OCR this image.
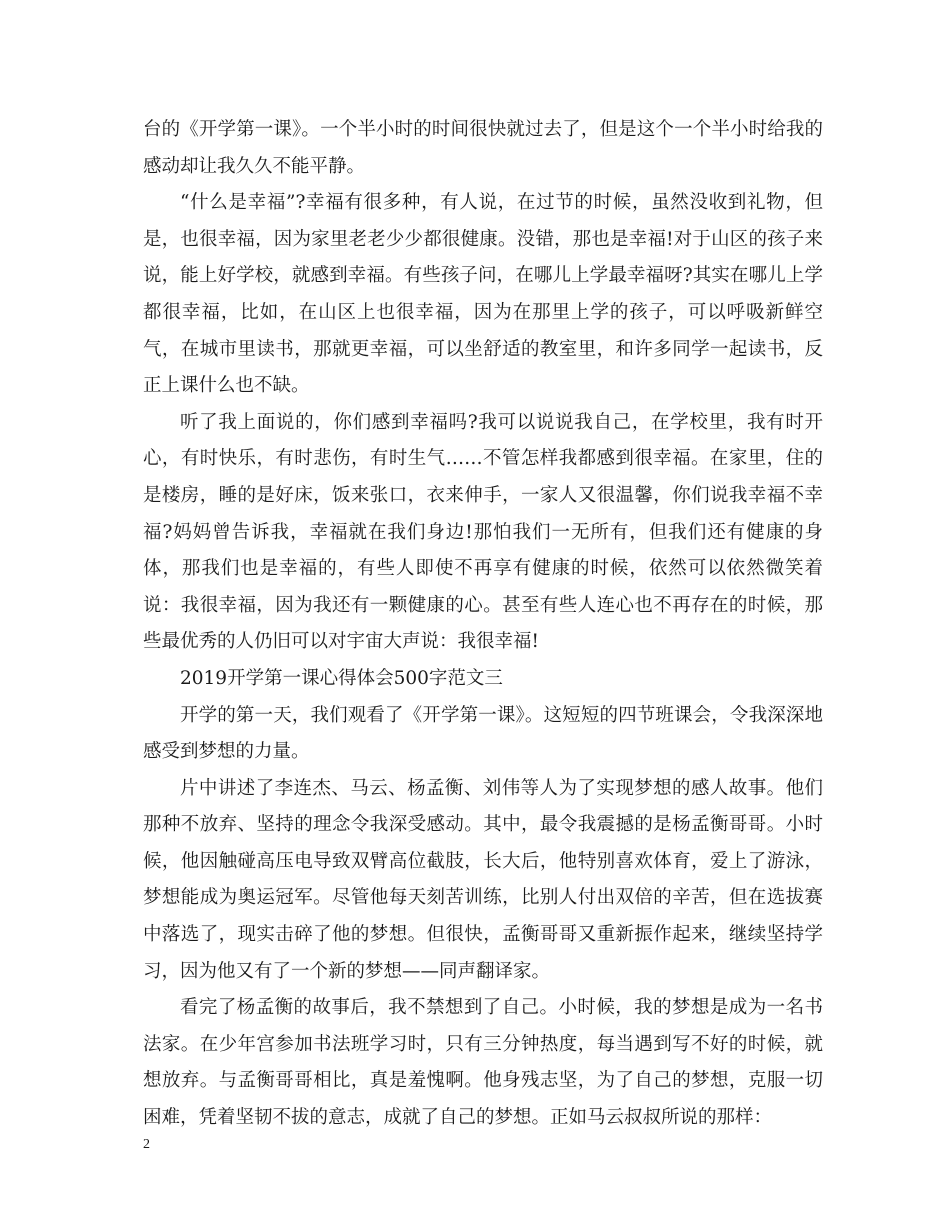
台的《开学第一课》。一个半小时的时间很快就过去了，但是这个一个半小时给我的感动却让我久久不能平静。

“什么是幸福”?幸福有很多种，有人说，在过节的时候，虽然没收到礼物，但是，也很幸福，因为家里老老少少都很健康。没错，那也是幸福!对于山区的孩子来说，能上好学校，就感到幸福。有些孩子问，在哪儿上学最幸福呀?其实在哪儿上学都很幸福，比如，在山区上也很幸福，因为在那里上学的孩子，可以呼吸新鲜空气，在城市里读书，那就更幸福，可以坐舒适的教室里，和许多同学一起读书，反正上课什么也不缺。

听了我上面说的，你们感到幸福吗?我可以说说我自己，在学校里，我有时开心，有时快乐，有时悲伤，有时生气……不管怎样我都感到很幸福。在家里，住的是楼房，睡的是好床，饭来张口，衣来伸手，一家人又很温馨，你们说我幸福不幸福?妈妈曾告诉我，幸福就在我们身边!那怕我们一无所有，但我们还有健康的身体，那我们也是幸福的，有些人即使不再享有健康的时候，依然可以依然微笑着说：我很幸福，因为我还有一颗健康的心。甚至有些人连心也不再存在的时候，那些最优秀的人仍旧可以对宇宙大声说：我很幸福!

2019开学第一课心得体会500字范文三

开学的第一天，我们观看了《开学第一课》。这短短的四节班课会，令我深深地感受到梦想的力量。

片中讲述了李连杰、马云、杨孟衡、刘伟等人为了实现梦想的感人故事。他们那种不放弃、坚持的理念令我深受感动。其中，最令我震撼的是杨孟衡哥哥。小时候，他因触碰高压电导致双臂高位截肢，长大后，他特别喜欢体育，爱上了游泳，梦想能成为奥运冠军。尽管他每天刻苦训练，比别人付出双倍的辛苦，但在选拔赛中落选了，现实击碎了他的梦想。但很快，孟衡哥哥又重新振作起来，继续坚持学习，因为他又有了一个新的梦想——同声翻译家。

看完了杨孟衡的故事后，我不禁想到了自己。小时候，我的梦想是成为一名书法家。在少年宫参加书法班学习时，只有三分钟热度，每当遇到写不好的时候，就想放弃。与孟衡哥哥相比，真是羞愧啊。他身残志坚，为了自己的梦想，克服一切困难，凭着坚韧不拔的意志，成就了自己的梦想。正如马云叔叔所说的那样：

2
